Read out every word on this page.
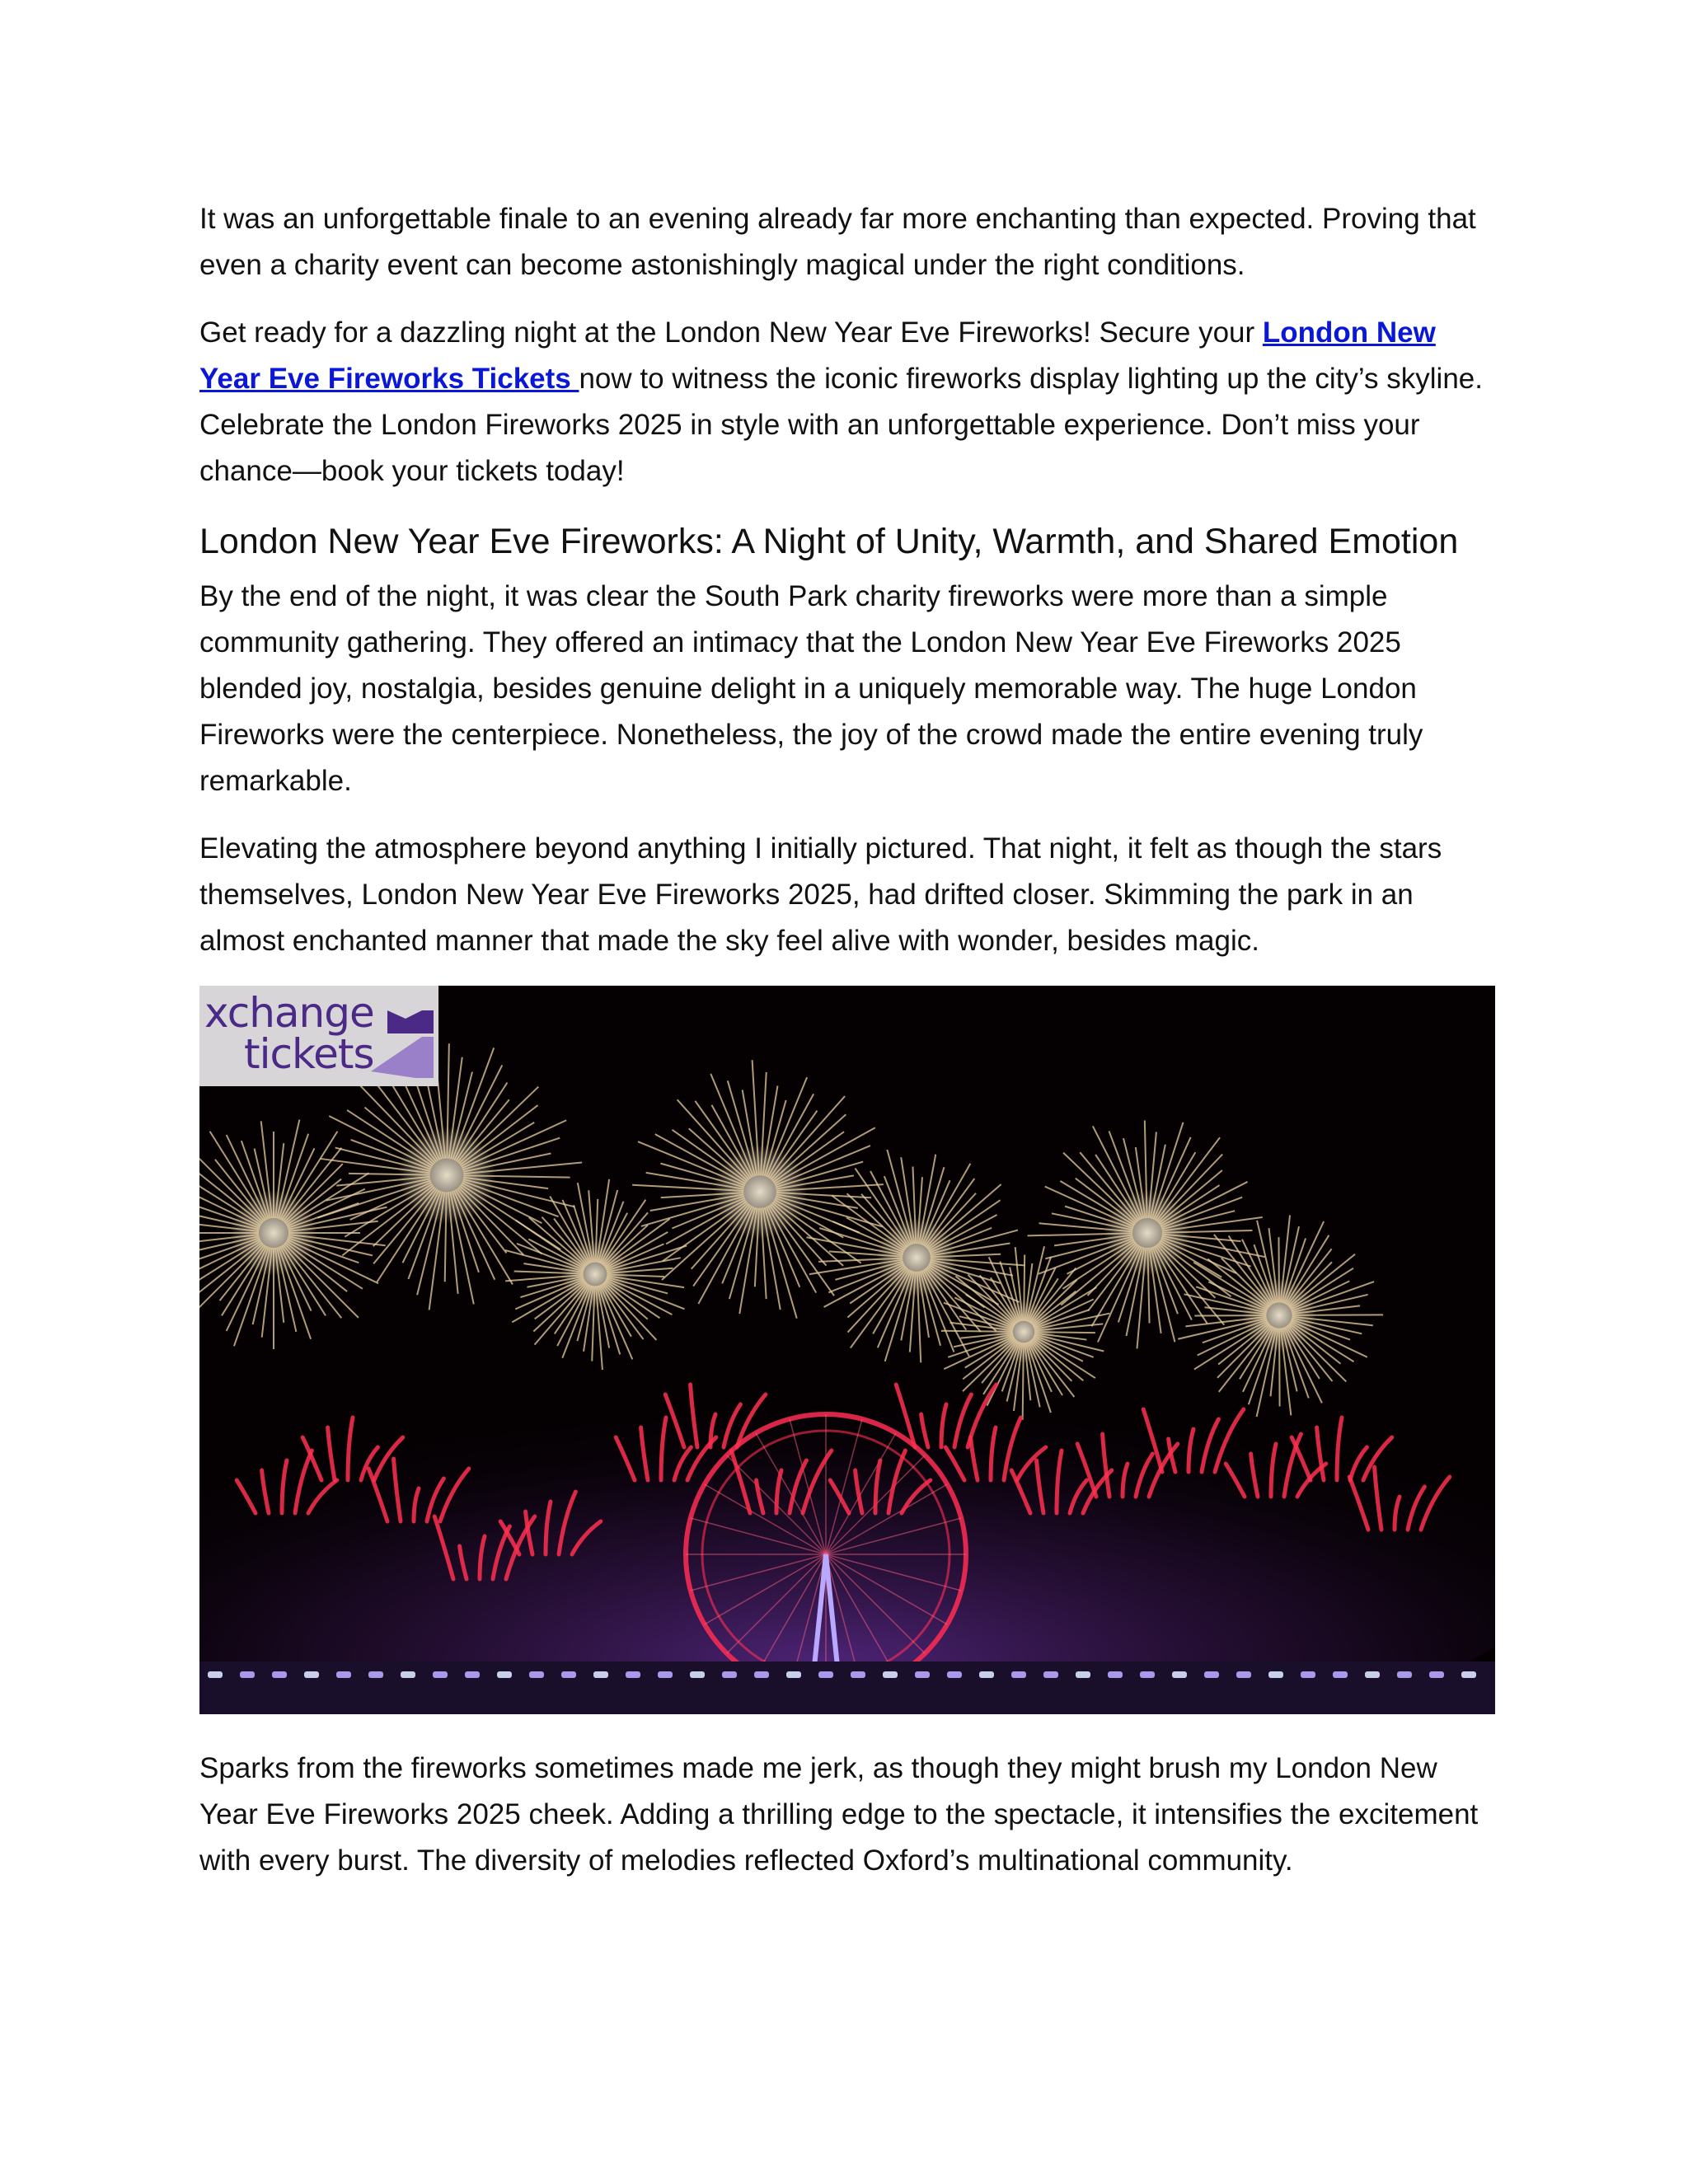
It was an unforgettable finale to an evening already far more enchanting than expected. Proving that even a charity event can become astonishingly magical under the right conditions.

Get ready for a dazzling night at the London New Year Eve Fireworks! Secure your London New Year Eve Fireworks Tickets now to witness the iconic fireworks display lighting up the city’s skyline. Celebrate the London Fireworks 2025 in style with an unforgettable experience. Don’t miss your chance—book your tickets today!

London New Year Eve Fireworks: A Night of Unity, Warmth, and Shared Emotion

By the end of the night, it was clear the South Park charity fireworks were more than a simple community gathering. They offered an intimacy that the London New Year Eve Fireworks 2025 blended joy, nostalgia, besides genuine delight in a uniquely memorable way. The huge London Fireworks were the centerpiece. Nonetheless, the joy of the crowd made the entire evening truly remarkable.

Elevating the atmosphere beyond anything I initially pictured. That night, it felt as though the stars themselves, London New Year Eve Fireworks 2025, had drifted closer. Skimming the park in an almost enchanted manner that made the sky feel alive with wonder, besides magic.

xchange
tickets

Sparks from the fireworks sometimes made me jerk, as though they might brush my London New Year Eve Fireworks 2025 cheek. Adding a thrilling edge to the spectacle, it intensifies the excitement with every burst. The diversity of melodies reflected Oxford’s multinational community.
